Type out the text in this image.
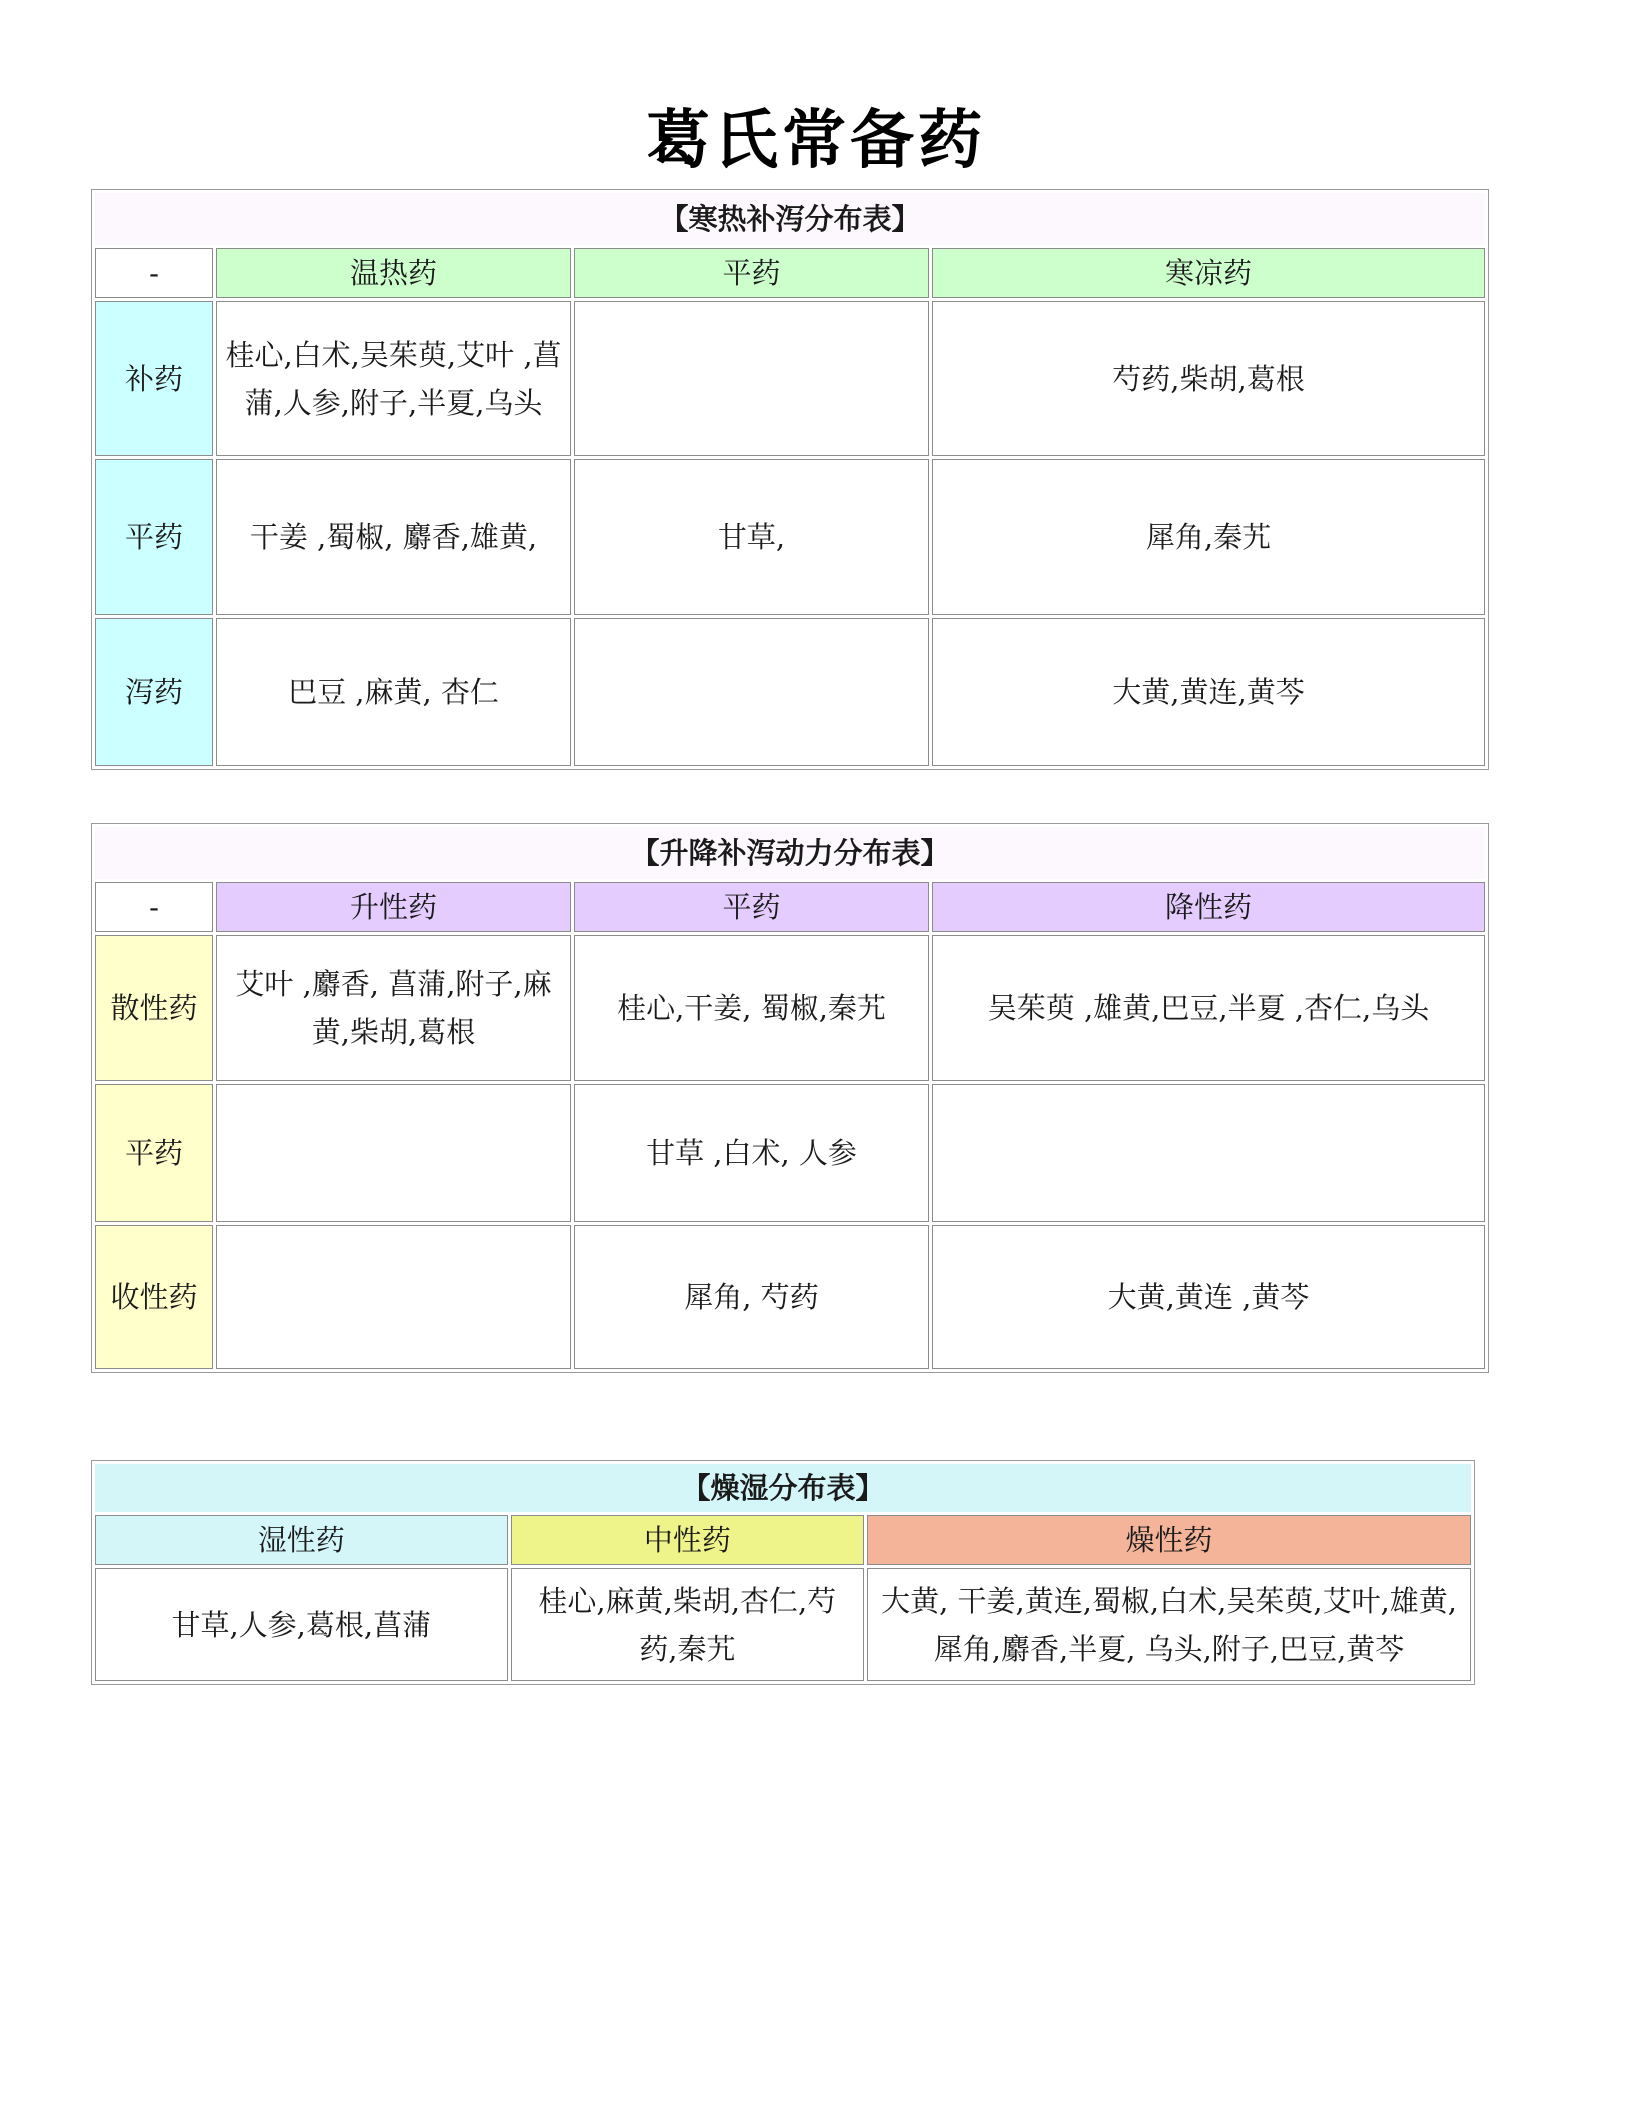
葛氏常备药
【寒热补泻分布表】			
-	温热药	平药	寒凉药
补药	桂心,白术,吴茱萸,艾叶 ,菖蒲,人参,附子,半夏,乌头		芍药,柴胡,葛根
平药	干姜 ,蜀椒, 麝香,雄黄,	甘草,	犀角,秦艽
泻药	巴豆 ,麻黄, 杏仁		大黄,黄连,黄芩
【升降补泻动力分布表】			
-	升性药	平药	降性药
散性药	艾叶 ,麝香, 菖蒲,附子,麻黄,柴胡,葛根	桂心,干姜, 蜀椒,秦艽	吴茱萸 ,雄黄,巴豆,半夏 ,杏仁,乌头
平药		甘草 ,白术, 人参	
收性药		犀角, 芍药	大黄,黄连 ,黄芩
【燥湿分布表】		
湿性药	中性药	燥性药
甘草,人参,葛根,菖蒲	桂心,麻黄,柴胡,杏仁,芍药,秦艽	大黄, 干姜,黄连,蜀椒,白术,吴茱萸,艾叶,雄黄,犀角,麝香,半夏, 乌头,附子,巴豆,黄芩
